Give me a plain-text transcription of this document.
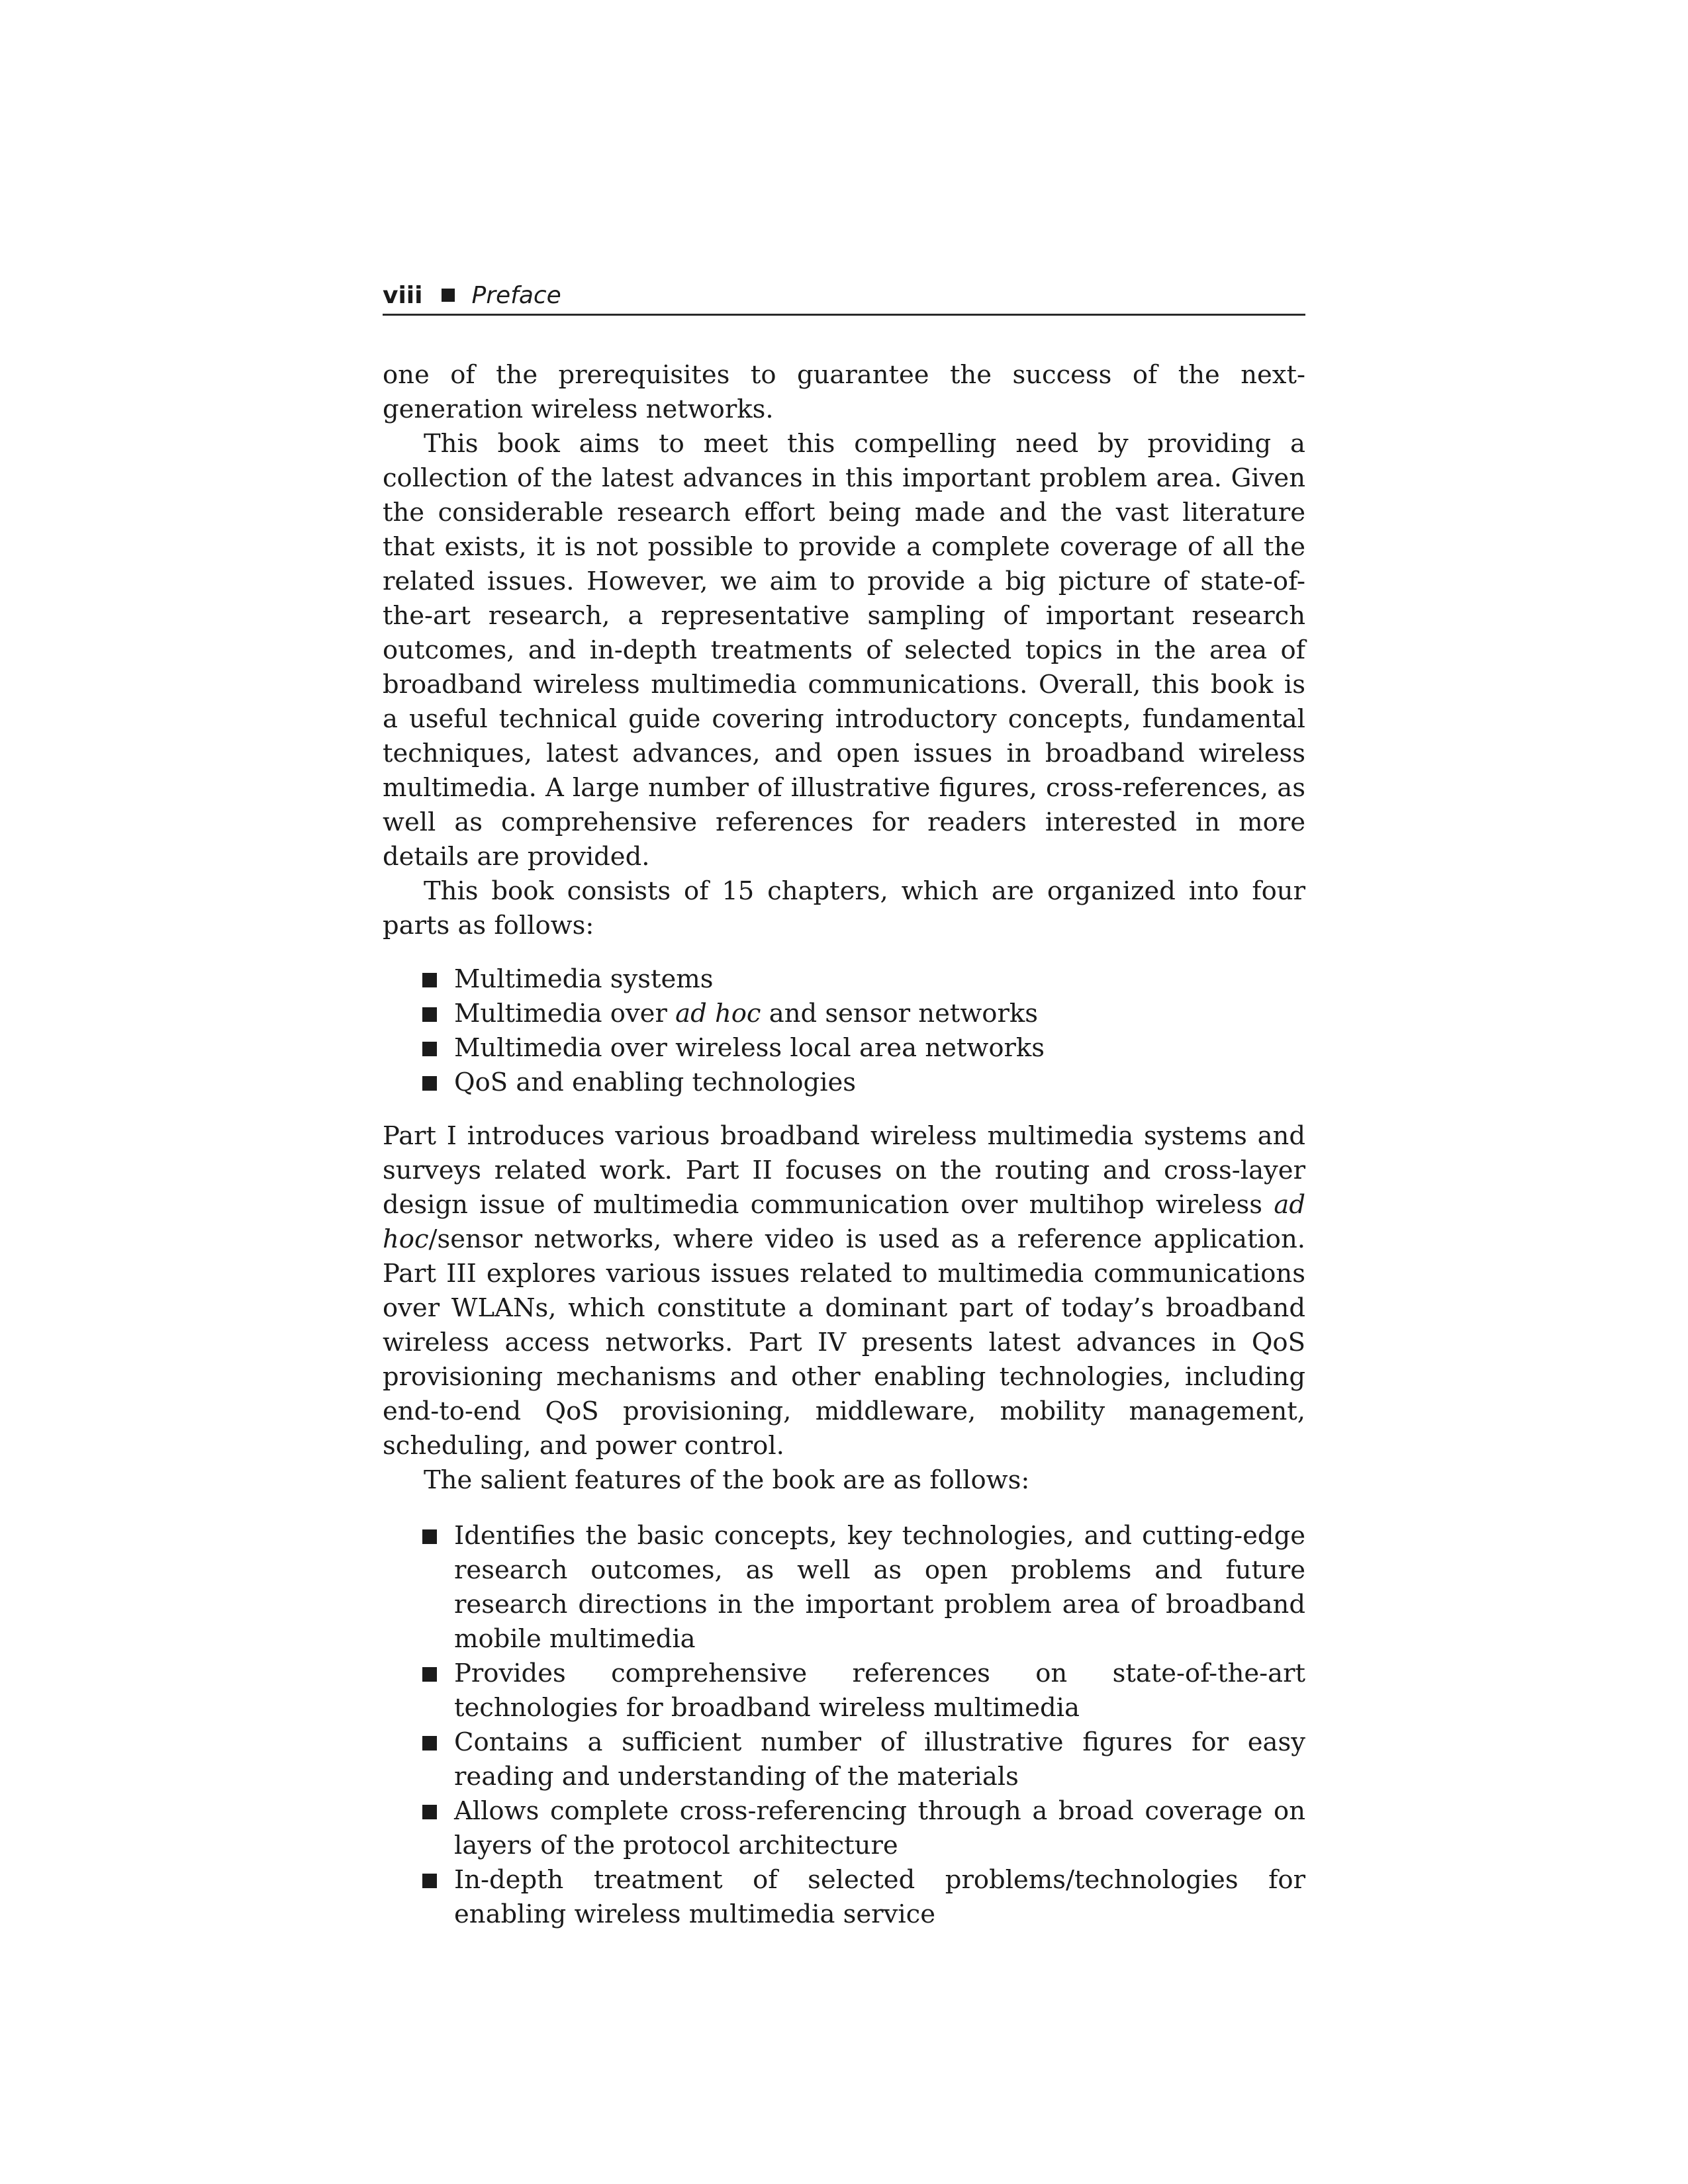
viii Preface

one of the prerequisites to guarantee the success of the next-generation wireless networks.

This book aims to meet this compelling need by providing a collection of the latest advances in this important problem area. Given the considerable research effort being made and the vast literature that exists, it is not possible to provide a complete coverage of all the related issues. However, we aim to provide a big picture of state-of-the-art research, a representative sampling of important research outcomes, and in-depth treatments of selected topics in the area of broadband wireless multimedia communications. Overall, this book is a useful technical guide covering introductory concepts, fundamental techniques, latest advances, and open issues in broadband wireless multimedia. A large number of illustrative figures, cross-references, as well as comprehensive references for readers interested in more details are provided.

This book consists of 15 chapters, which are organized into four parts as follows:

Multimedia systems
Multimedia over ad hoc and sensor networks
Multimedia over wireless local area networks
QoS and enabling technologies

Part I introduces various broadband wireless multimedia systems and surveys related work. Part II focuses on the routing and cross-layer design issue of multimedia communication over multihop wireless ad hoc/sensor networks, where video is used as a reference application. Part III explores various issues related to multimedia communications over WLANs, which constitute a dominant part of today’s broadband wireless access networks. Part IV presents latest advances in QoS provisioning mechanisms and other enabling technologies, including end-to-end QoS provisioning, middleware, mobility management, scheduling, and power control.

The salient features of the book are as follows:

Identifies the basic concepts, key technologies, and cutting-edge research outcomes, as well as open problems and future research directions in the important problem area of broadband mobile multimedia
Provides comprehensive references on state-of-the-art technologies for broadband wireless multimedia
Contains a sufficient number of illustrative figures for easy reading and understanding of the materials
Allows complete cross-referencing through a broad coverage on layers of the protocol architecture
In-depth treatment of selected problems/technologies for enabling wireless multimedia service
